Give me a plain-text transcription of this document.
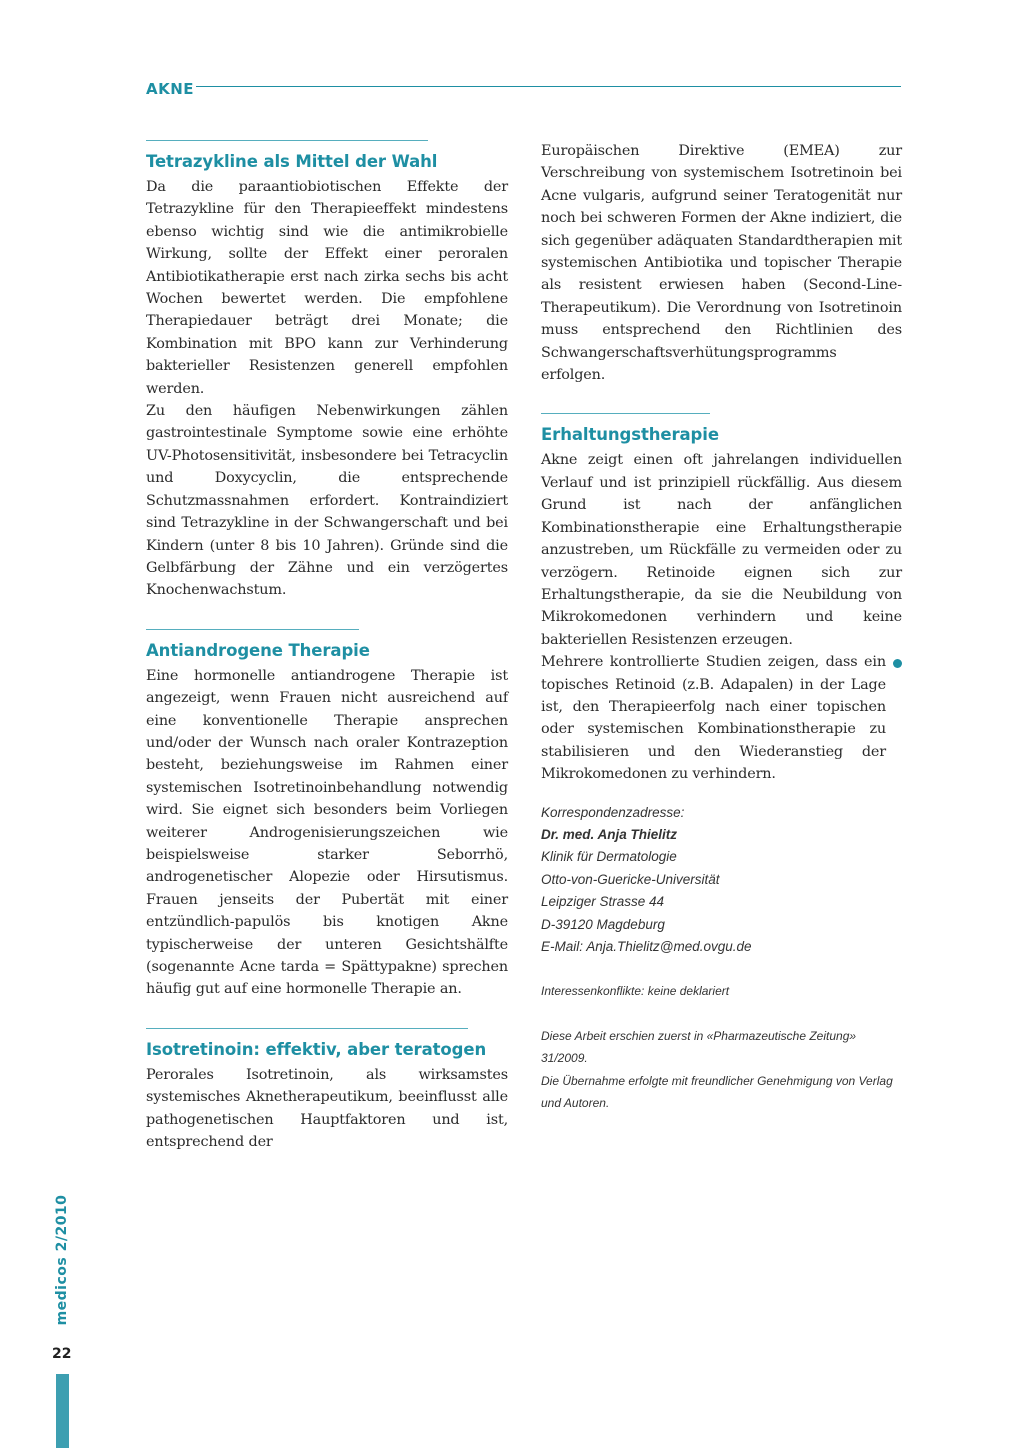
AKNE
Tetrazykline als Mittel der Wahl

Da die paraantiobiotischen Effekte der Tetrazykline für den Therapieeffekt mindestens ebenso wichtig sind wie die antimikrobielle Wirkung, sollte der Effekt einer peroralen Antibiotikatherapie erst nach zirka sechs bis acht Wochen bewertet werden. Die empfohlene Therapiedauer beträgt drei Monate; die Kombination mit BPO kann zur Verhinderung bakterieller Resistenzen generell empfohlen werden.

Zu den häufigen Nebenwirkungen zählen gastrointestinale Symptome sowie eine erhöhte UV-Photosensitivität, insbesondere bei Tetracyclin und Doxycyclin, die entsprechende Schutzmassnahmen erfordert. Kontraindiziert sind Tetrazykline in der Schwangerschaft und bei Kindern (unter 8 bis 10 Jahren). Gründe sind die Gelbfärbung der Zähne und ein verzögertes Knochenwachstum.

Antiandrogene Therapie

Eine hormonelle antiandrogene Therapie ist angezeigt, wenn Frauen nicht ausreichend auf eine konventionelle Therapie ansprechen und/oder der Wunsch nach oraler Kontrazeption besteht, beziehungsweise im Rahmen einer systemischen Isotretinoinbehandlung notwendig wird. Sie eignet sich besonders beim Vorliegen weiterer Androgenisierungszeichen wie beispielsweise starker Seborrhö, androgenetischer Alopezie oder Hirsutismus. Frauen jenseits der Pubertät mit einer entzündlich-papulös bis knotigen Akne typischerweise der unteren Gesichtshälfte (sogenannte Acne tarda = Spättypakne) sprechen häufig gut auf eine hormonelle Therapie an.

Isotretinoin: effektiv, aber teratogen

Perorales Isotretinoin, als wirksamstes systemisches Aknetherapeutikum, beeinflusst alle pathogenetischen Hauptfaktoren und ist, entsprechend der

Europäischen Direktive (EMEA) zur Verschreibung von systemischem Isotretinoin bei Acne vulgaris, aufgrund seiner Teratogenität nur noch bei schweren Formen der Akne indiziert, die sich gegenüber adäquaten Standardtherapien mit systemischen Antibiotika und topischer Therapie als resistent erwiesen haben (Second-Line-Therapeutikum). Die Verordnung von Isotretinoin muss entsprechend den Richtlinien des Schwangerschaftsverhütungsprogramms erfolgen.

Erhaltungstherapie

Akne zeigt einen oft jahrelangen individuellen Verlauf und ist prinzipiell rückfällig. Aus diesem Grund ist nach der anfänglichen Kombinationstherapie eine Erhaltungstherapie anzustreben, um Rückfälle zu vermeiden oder zu verzögern. Retinoide eignen sich zur Erhaltungstherapie, da sie die Neubildung von Mikrokomedonen verhindern und keine bakteriellen Resistenzen erzeugen.

Mehrere kontrollierte Studien zeigen, dass ein topisches Retinoid (z.B. Adapalen) in der Lage ist, den Therapieerfolg nach einer topischen oder systemischen Kombinationstherapie zu stabilisieren und den Wiederanstieg der Mikrokomedonen zu verhindern.

Korrespondenzadresse:
Dr. med. Anja Thielitz
Klinik für Dermatologie
Otto-von-Guericke-Universität
Leipziger Strasse 44
D-39120 Magdeburg
E-Mail: Anja.Thielitz@med.ovgu.de
Interessenkonflikte: keine deklariert
Diese Arbeit erschien zuerst in «Pharmazeutische Zeitung» 31/2009.
Die Übernahme erfolgte mit freundlicher Genehmigung von Verlag und Autoren.
medicos 2/2010
22
